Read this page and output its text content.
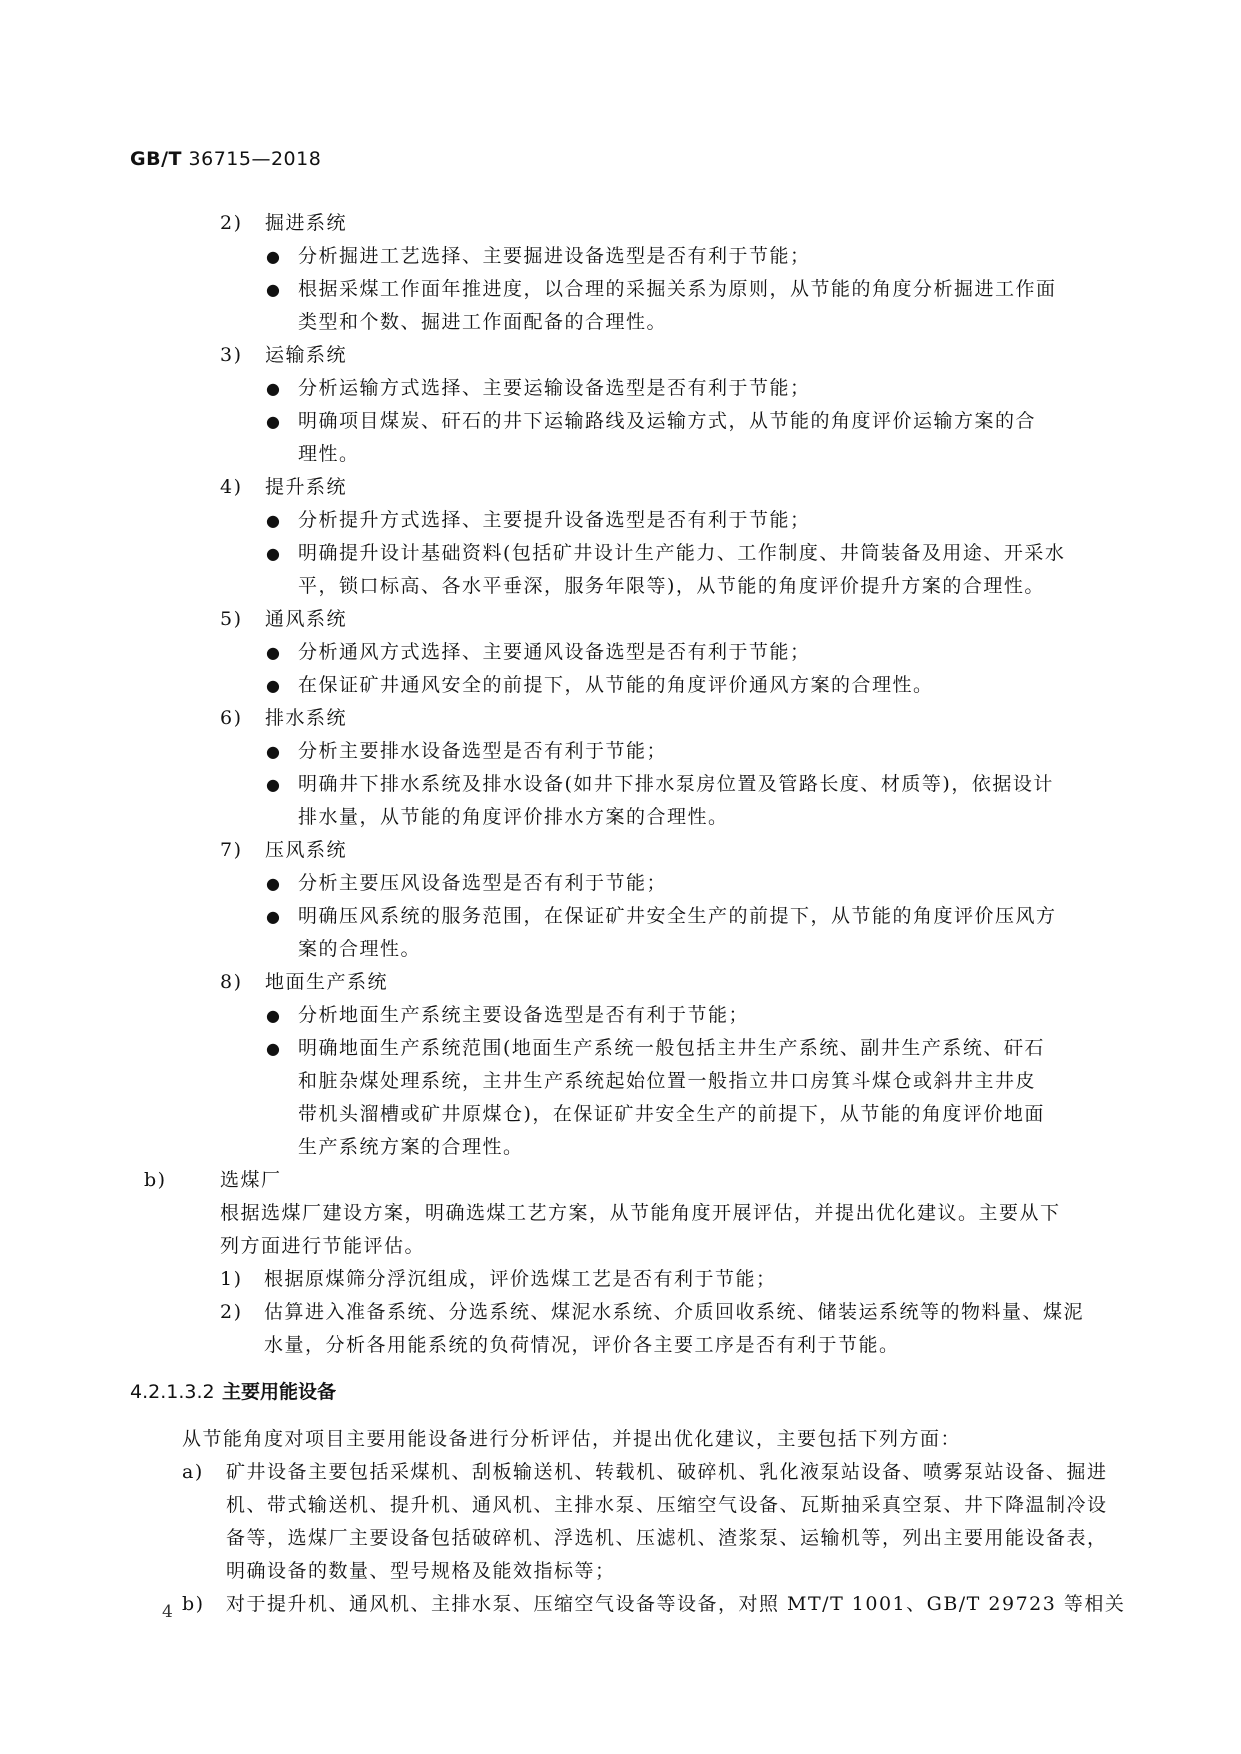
GB/T 36715—2018
2) 掘进系统
● 分析掘进工艺选择、主要掘进设备选型是否有利于节能；
● 根据采煤工作面年推进度，以合理的采掘关系为原则，从节能的角度分析掘进工作面
类型和个数、掘进工作面配备的合理性。
3) 运输系统
● 分析运输方式选择、主要运输设备选型是否有利于节能；
● 明确项目煤炭、矸石的井下运输路线及运输方式，从节能的角度评价运输方案的合
理性。
4) 提升系统
● 分析提升方式选择、主要提升设备选型是否有利于节能；
● 明确提升设计基础资料(包括矿井设计生产能力、工作制度、井筒装备及用途、开采水
平，锁口标高、各水平垂深，服务年限等)，从节能的角度评价提升方案的合理性。
5) 通风系统
● 分析通风方式选择、主要通风设备选型是否有利于节能；
● 在保证矿井通风安全的前提下，从节能的角度评价通风方案的合理性。
6) 排水系统
● 分析主要排水设备选型是否有利于节能；
● 明确井下排水系统及排水设备(如井下排水泵房位置及管路长度、材质等)，依据设计
排水量，从节能的角度评价排水方案的合理性。
7) 压风系统
● 分析主要压风设备选型是否有利于节能；
● 明确压风系统的服务范围，在保证矿井安全生产的前提下，从节能的角度评价压风方
案的合理性。
8) 地面生产系统
● 分析地面生产系统主要设备选型是否有利于节能；
● 明确地面生产系统范围(地面生产系统一般包括主井生产系统、副井生产系统、矸石
和脏杂煤处理系统，主井生产系统起始位置一般指立井口房箕斗煤仓或斜井主井皮
带机头溜槽或矿井原煤仓)，在保证矿井安全生产的前提下，从节能的角度评价地面
生产系统方案的合理性。
b)	选煤厂
根据选煤厂建设方案，明确选煤工艺方案，从节能角度开展评估，并提出优化建议。主要从下
列方面进行节能评估。
1) 根据原煤筛分浮沉组成，评价选煤工艺是否有利于节能；
2) 估算进入准备系统、分选系统、煤泥水系统、介质回收系统、储装运系统等的物料量、煤泥
水量，分析各用能系统的负荷情况，评价各主要工序是否有利于节能。
4.2.1.3.2 主要用能设备
从节能角度对项目主要用能设备进行分析评估，并提出优化建议，主要包括下列方面：
a) 矿井设备主要包括采煤机、刮板输送机、转载机、破碎机、乳化液泵站设备、喷雾泵站设备、掘进
机、带式输送机、提升机、通风机、主排水泵、压缩空气设备、瓦斯抽采真空泵、井下降温制冷设
备等，选煤厂主要设备包括破碎机、浮选机、压滤机、渣浆泵、运输机等，列出主要用能设备表，
明确设备的数量、型号规格及能效指标等；
b) 对于提升机、通风机、主排水泵、压缩空气设备等设备，对照 MT/T 1001、GB/T 29723 等相关
4
